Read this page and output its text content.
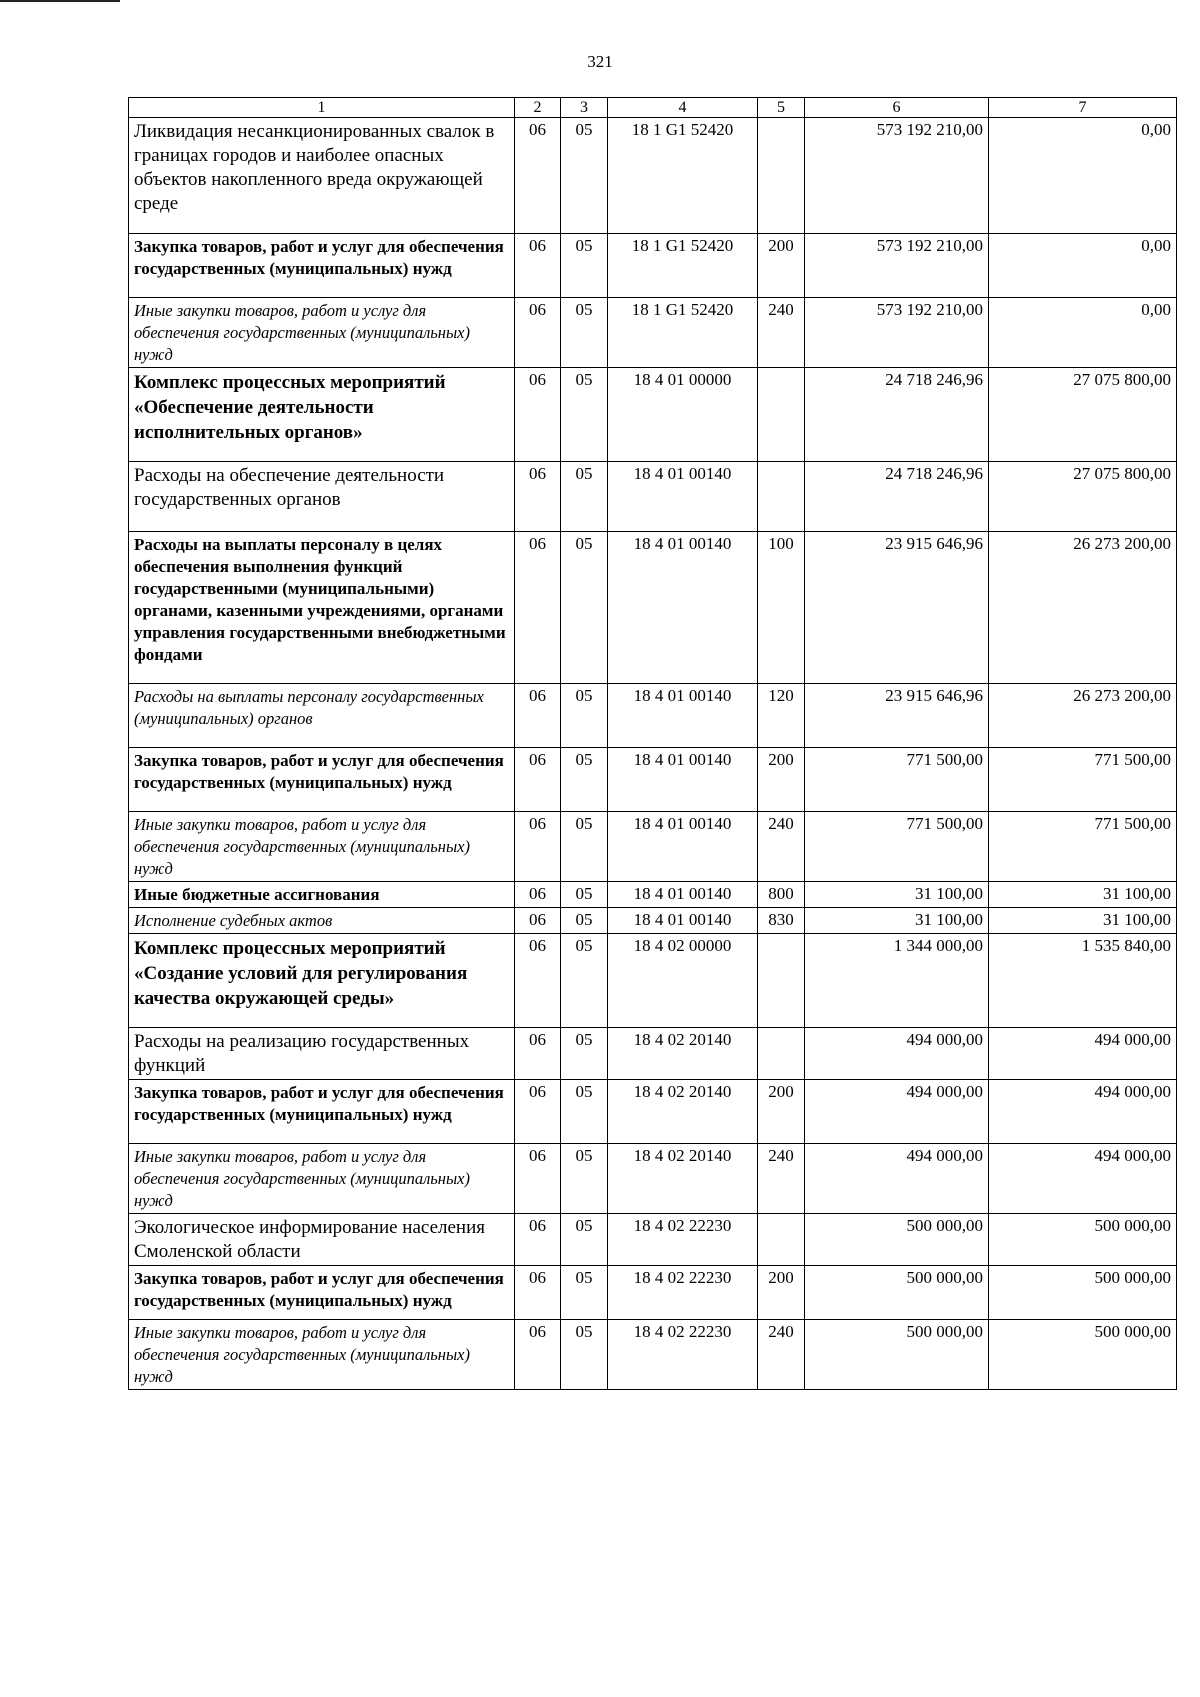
321
1	2	3	4	5	6	7
Ликвидация несанкционированных свалок в границах городов и наиболее опасных объектов накопленного вреда окружающей среде	06	05	18 1 G1 52420		573 192 210,00	0,00
Закупка товаров, работ и услуг для обеспечения государственных (муниципальных) нужд	06	05	18 1 G1 52420	200	573 192 210,00	0,00
Иные закупки товаров, работ и услуг для обеспечения государственных (муниципальных) нужд	06	05	18 1 G1 52420	240	573 192 210,00	0,00
Комплекс процессных мероприятий «Обеспечение деятельности исполнительных органов»	06	05	18 4 01 00000		24 718 246,96	27 075 800,00
Расходы на обеспечение деятельности государственных органов	06	05	18 4 01 00140		24 718 246,96	27 075 800,00
Расходы на выплаты персоналу в целях обеспечения выполнения функций государственными (муниципальными) органами, казенными учреждениями, органами управления государственными внебюджетными фондами	06	05	18 4 01 00140	100	23 915 646,96	26 273 200,00
Расходы на выплаты персоналу государственных (муниципальных) органов	06	05	18 4 01 00140	120	23 915 646,96	26 273 200,00
Закупка товаров, работ и услуг для обеспечения государственных (муниципальных) нужд	06	05	18 4 01 00140	200	771 500,00	771 500,00
Иные закупки товаров, работ и услуг для обеспечения государственных (муниципальных) нужд	06	05	18 4 01 00140	240	771 500,00	771 500,00
Иные бюджетные ассигнования	06	05	18 4 01 00140	800	31 100,00	31 100,00
Исполнение судебных актов	06	05	18 4 01 00140	830	31 100,00	31 100,00
Комплекс процессных мероприятий «Создание условий для регулирования качества окружающей среды»	06	05	18 4 02 00000		1 344 000,00	1 535 840,00
Расходы на реализацию государственных функций	06	05	18 4 02 20140		494 000,00	494 000,00
Закупка товаров, работ и услуг для обеспечения государственных (муниципальных) нужд	06	05	18 4 02 20140	200	494 000,00	494 000,00
Иные закупки товаров, работ и услуг для обеспечения государственных (муниципальных) нужд	06	05	18 4 02 20140	240	494 000,00	494 000,00
Экологическое информирование населения Смоленской области	06	05	18 4 02 22230		500 000,00	500 000,00
Закупка товаров, работ и услуг для обеспечения государственных (муниципальных) нужд	06	05	18 4 02 22230	200	500 000,00	500 000,00
Иные закупки товаров, работ и услуг для обеспечения государственных (муниципальных) нужд	06	05	18 4 02 22230	240	500 000,00	500 000,00
